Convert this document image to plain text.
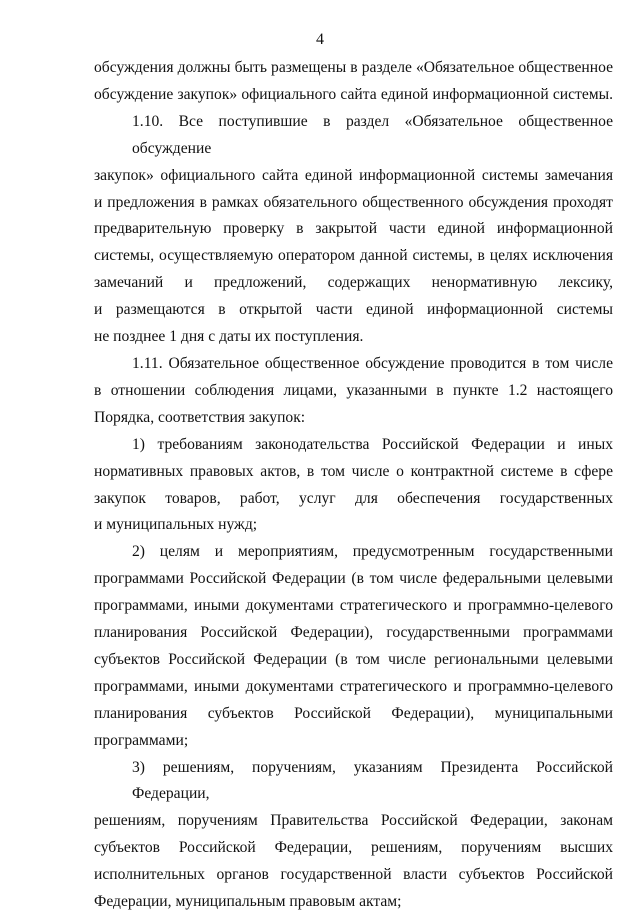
4
обсуждения должны быть размещены в разделе «Обязательное общественное
обсуждение закупок» официального сайта единой информационной системы.
1.10. Все поступившие в раздел «Обязательное общественное обсуждение
закупок» официального сайта единой информационной системы замечания
и предложения в рамках обязательного общественного обсуждения проходят
предварительную проверку в закрытой части единой информационной
системы, осуществляемую оператором данной системы, в целях исключения
замечаний и предложений, содержащих ненормативную лексику,
и размещаются в открытой части единой информационной системы
не позднее 1 дня с даты их поступления.
1.11. Обязательное общественное обсуждение проводится в том числе
в отношении соблюдения лицами, указанными в пункте 1.2 настоящего
Порядка, соответствия закупок:
1) требованиям законодательства Российской Федерации и иных
нормативных правовых актов, в том числе о контрактной системе в сфере
закупок товаров, работ, услуг для обеспечения государственных
и муниципальных нужд;
2) целям и мероприятиям, предусмотренным государственными
программами Российской Федерации (в том числе федеральными целевыми
программами, иными документами стратегического и программно-целевого
планирования Российской Федерации), государственными программами
субъектов Российской Федерации (в том числе региональными целевыми
программами, иными документами стратегического и программно-целевого
планирования субъектов Российской Федерации), муниципальными
программами;
3) решениям, поручениям, указаниям Президента Российской Федерации,
решениям, поручениям Правительства Российской Федерации, законам
субъектов Российской Федерации, решениям, поручениям высших
исполнительных органов государственной власти субъектов Российской
Федерации, муниципальным правовым актам;
